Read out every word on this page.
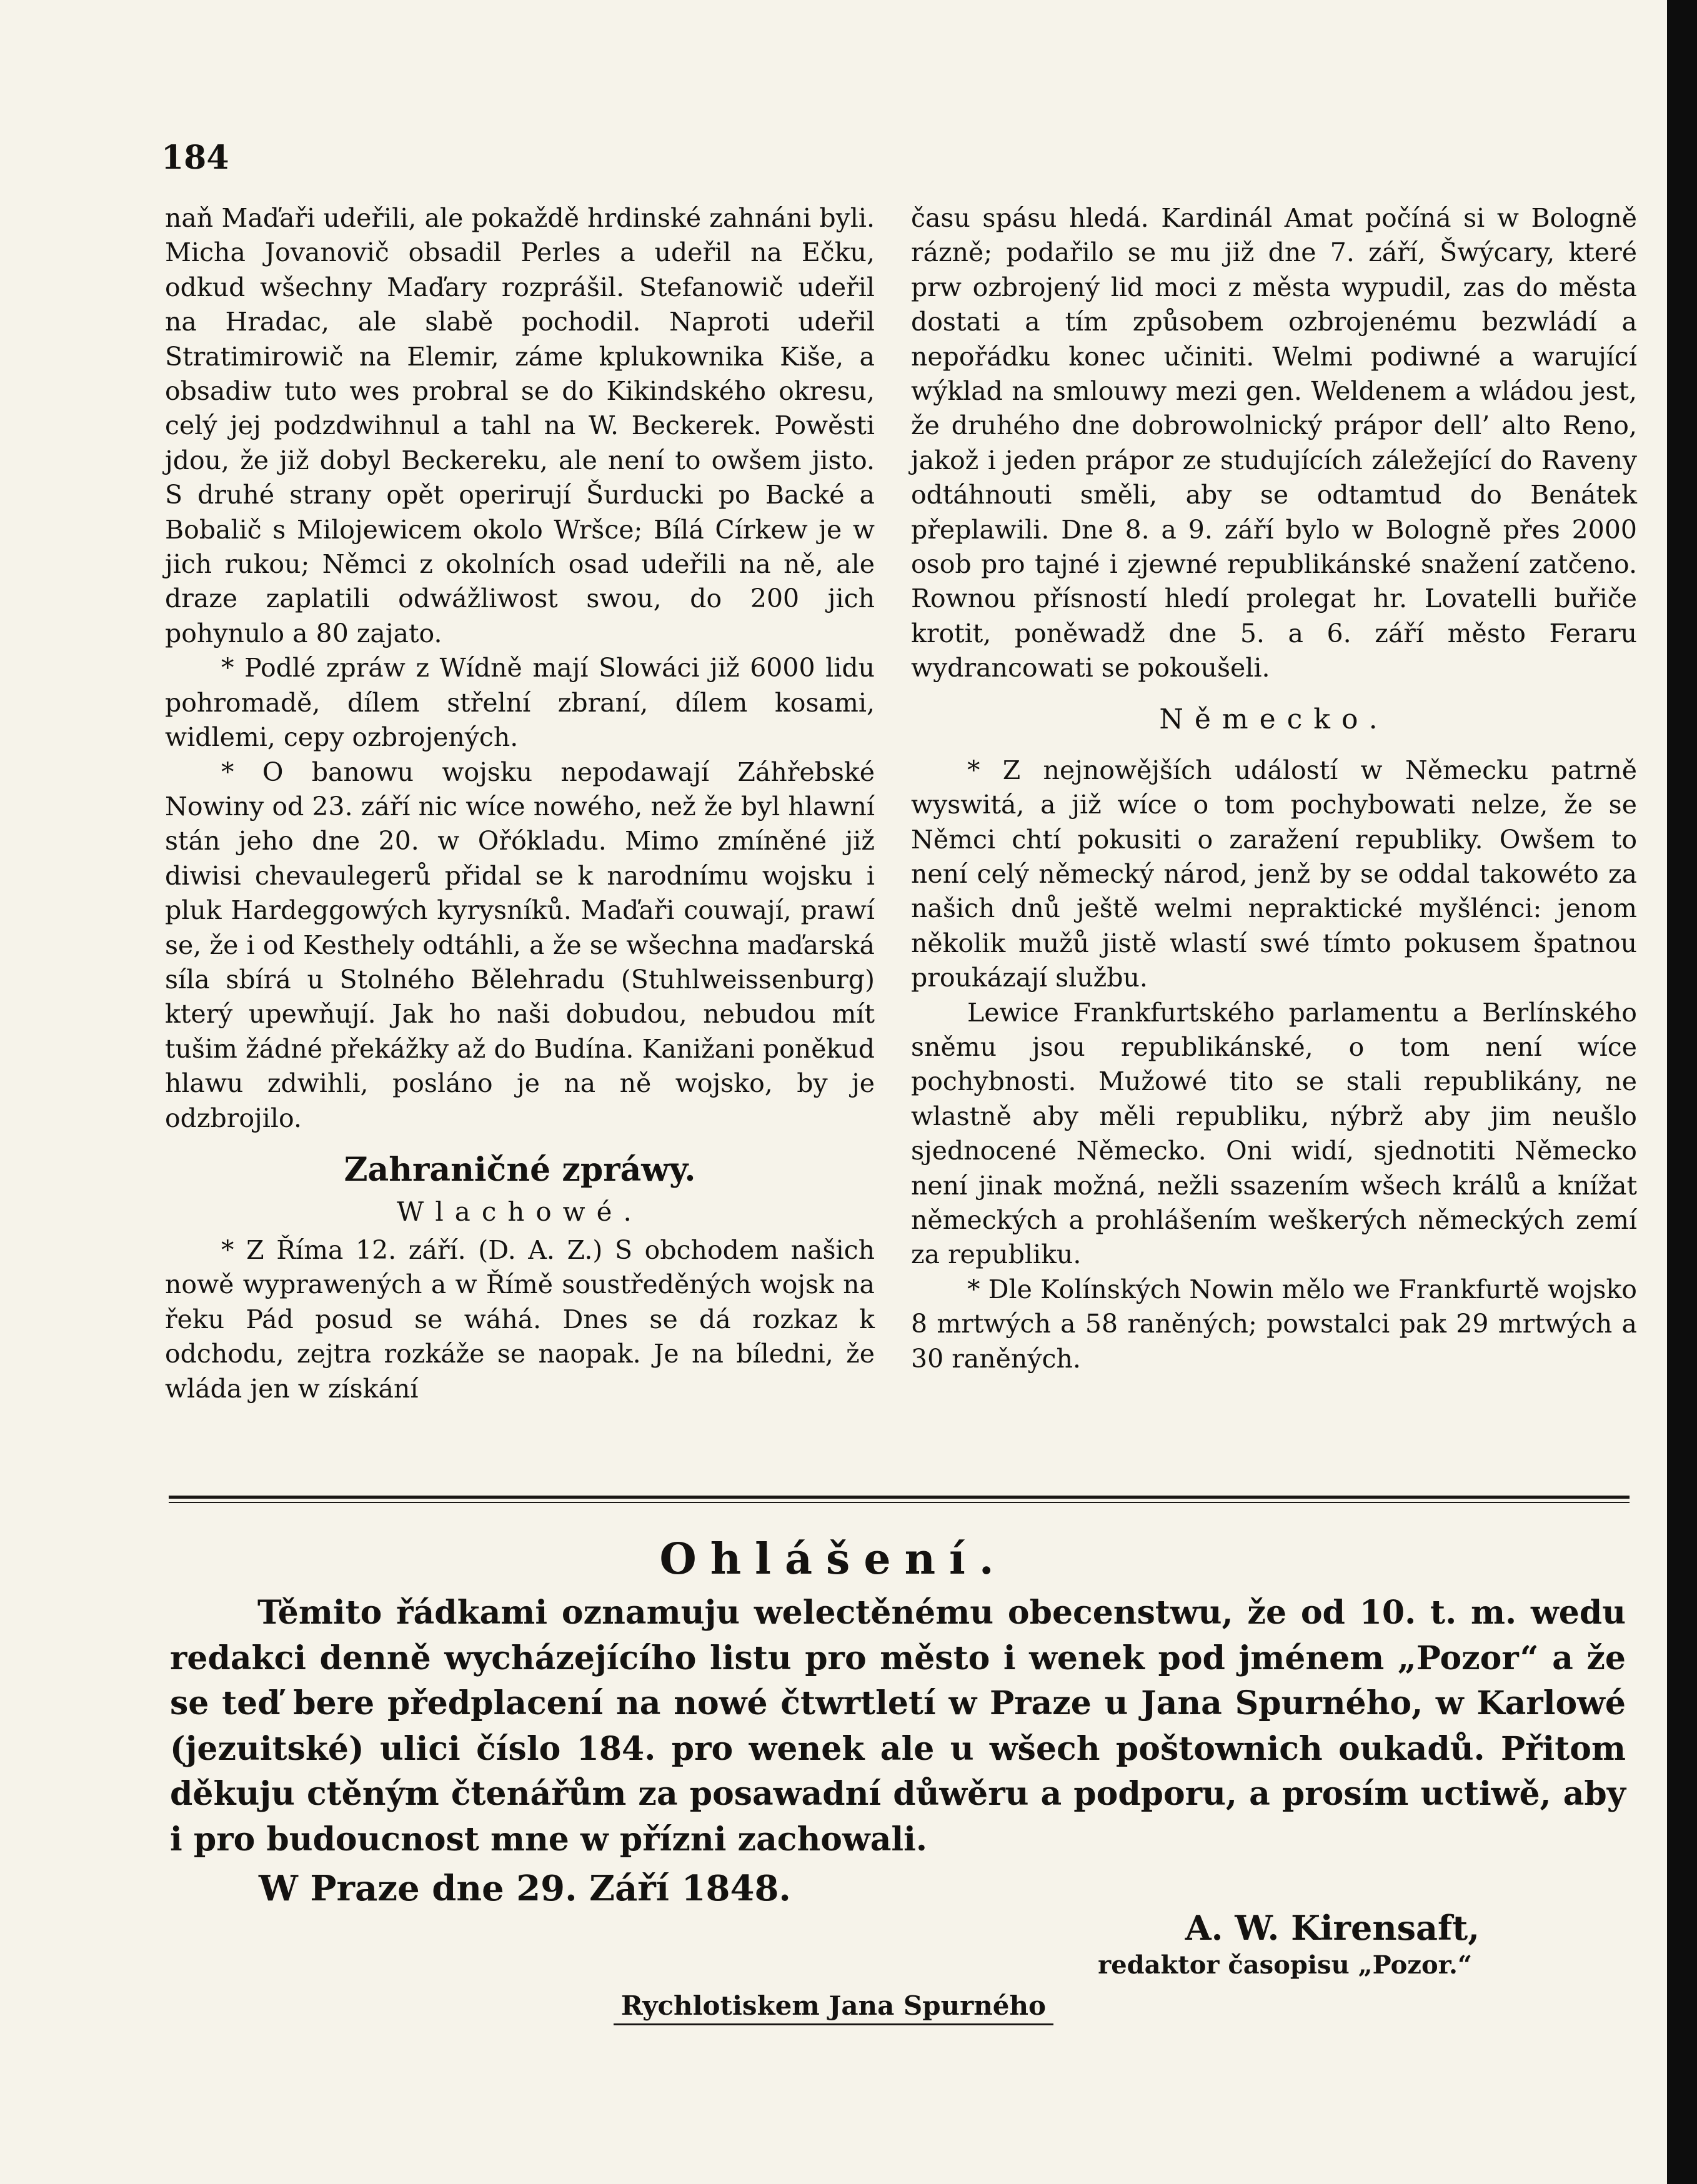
184

naň Maďaři udeřili, ale pokaždě hrdinské zahnáni byli. Micha Jovanovič obsadil Perles a udeřil na Ečku, odkud wšechny Maďary rozprášil. Stefanowič udeřil na Hradac, ale slabě pochodil. Naproti udeřil Stratimirowič na Elemir, záme kplukownika Kiše, a obsadiw tuto wes probral se do Kikindského okresu, celý jej podzdwihnul a tahl na W. Beckerek. Powěsti jdou, že již dobyl Beckereku, ale není to owšem jisto. S druhé strany opět operirují Šurducki po Backé a Bobalič s Milojewicem okolo Wršce; Bílá Církew je w jich rukou; Němci z okolních osad udeřili na ně, ale draze zaplatili odwážliwost swou, do 200 jich pohynulo a 80 zajato.

* Podlé zpráw z Wídně mají Slowáci již 6000 lidu pohromadě, dílem střelní zbraní, dílem kosami, widlemi, cepy ozbrojených.

* O banowu wojsku nepodawají Záhřebské Nowiny od 23. září nic wíce nowého, než že byl hlawní stán jeho dne 20. w Ořókladu. Mimo zmíněné již diwisi chevaulegerů přidal se k narodnímu wojsku i pluk Hardeggowých kyrysníků. Maďaři couwají, prawí se, že i od Kesthely odtáhli, a že se wšechna maďarská síla sbírá u Stolného Bělehradu (Stuhlweissenburg) který upewňují. Jak ho naši dobudou, nebudou mít tušim žádné překážky až do Budína. Kanižani poněkud hlawu zdwihli, posláno je na ně wojsko, by je odzbrojilo.

Zahraničné zpráwy.
Wlachowé.

* Z Říma 12. září. (D. A. Z.) S obchodem našich nowě wyprawených a w Římě soustředěných wojsk na řeku Pád posud se wáhá. Dnes se dá rozkaz k odchodu, zejtra rozkáže se naopak. Je na bíledni, že wláda jen w získání

času spásu hledá. Kardinál Amat počíná si w Bologně rázně; podařilo se mu již dne 7. září, Šwýcary, které prw ozbrojený lid moci z města wypudil, zas do města dostati a tím způsobem ozbrojenému bezwládí a nepořádku konec učiniti. Welmi podiwné a warující wýklad na smlouwy mezi gen. Weldenem a wládou jest, že druhého dne dobrowolnický prápor dell’ alto Reno, jakož i jeden prápor ze studujících záležející do Raveny odtáhnouti směli, aby se odtamtud do Benátek přeplawili. Dne 8. a 9. září bylo w Bologně přes 2000 osob pro tajné i zjewné republikánské snažení zatčeno. Rownou přísností hledí prolegat hr. Lovatelli buřiče krotit, poněwadž dne 5. a 6. září město Feraru wydrancowati se pokoušeli.

Německo.

* Z nejnowějších událostí w Německu patrně wyswitá, a již wíce o tom pochybowati nelze, že se Němci chtí pokusiti o zaražení republiky. Owšem to není celý německý národ, jenž by se oddal takowéto za našich dnů ještě welmi nepraktické myšlénci: jenom několik mužů jistě wlastí swé tímto pokusem špatnou proukázají službu.

Lewice Frankfurtského parlamentu a Berlínského sněmu jsou republikánské, o tom není wíce pochybnosti. Mužowé tito se stali republikány, ne wlastně aby měli republiku, nýbrž aby jim neušlo sjednocené Německo. Oni widí, sjednotiti Německo není jinak možná, nežli ssazením wšech králů a knížat německých a prohlášením weškerých německých zemí za republiku.

* Dle Kolínských Nowin mělo we Frankfurtě wojsko 8 mrtwých a 58 raněných; powstalci pak 29 mrtwých a 30 raněných.

Ohlášení.

Těmito řádkami oznamuju welectěnému obecenstwu, že od 10. t. m. wedu redakci denně wycházejícího listu pro město i wenek pod jménem „Pozor“ a že se teď bere předplacení na nowé čtwrtletí w Praze u Jana Spurného, w Karlowé (jezuitské) ulici číslo 184. pro wenek ale u wšech poštownich oukadů. Přitom děkuju ctěným čtenářům za posawadní důwěru a podporu, a prosím uctiwě, aby i pro budoucnost mne w přízni zachowali.

W Praze dne 29. Září 1848.
A. W. Kirensaft,
redaktor časopisu „Pozor.“
Rychlotiskem Jana Spurného
